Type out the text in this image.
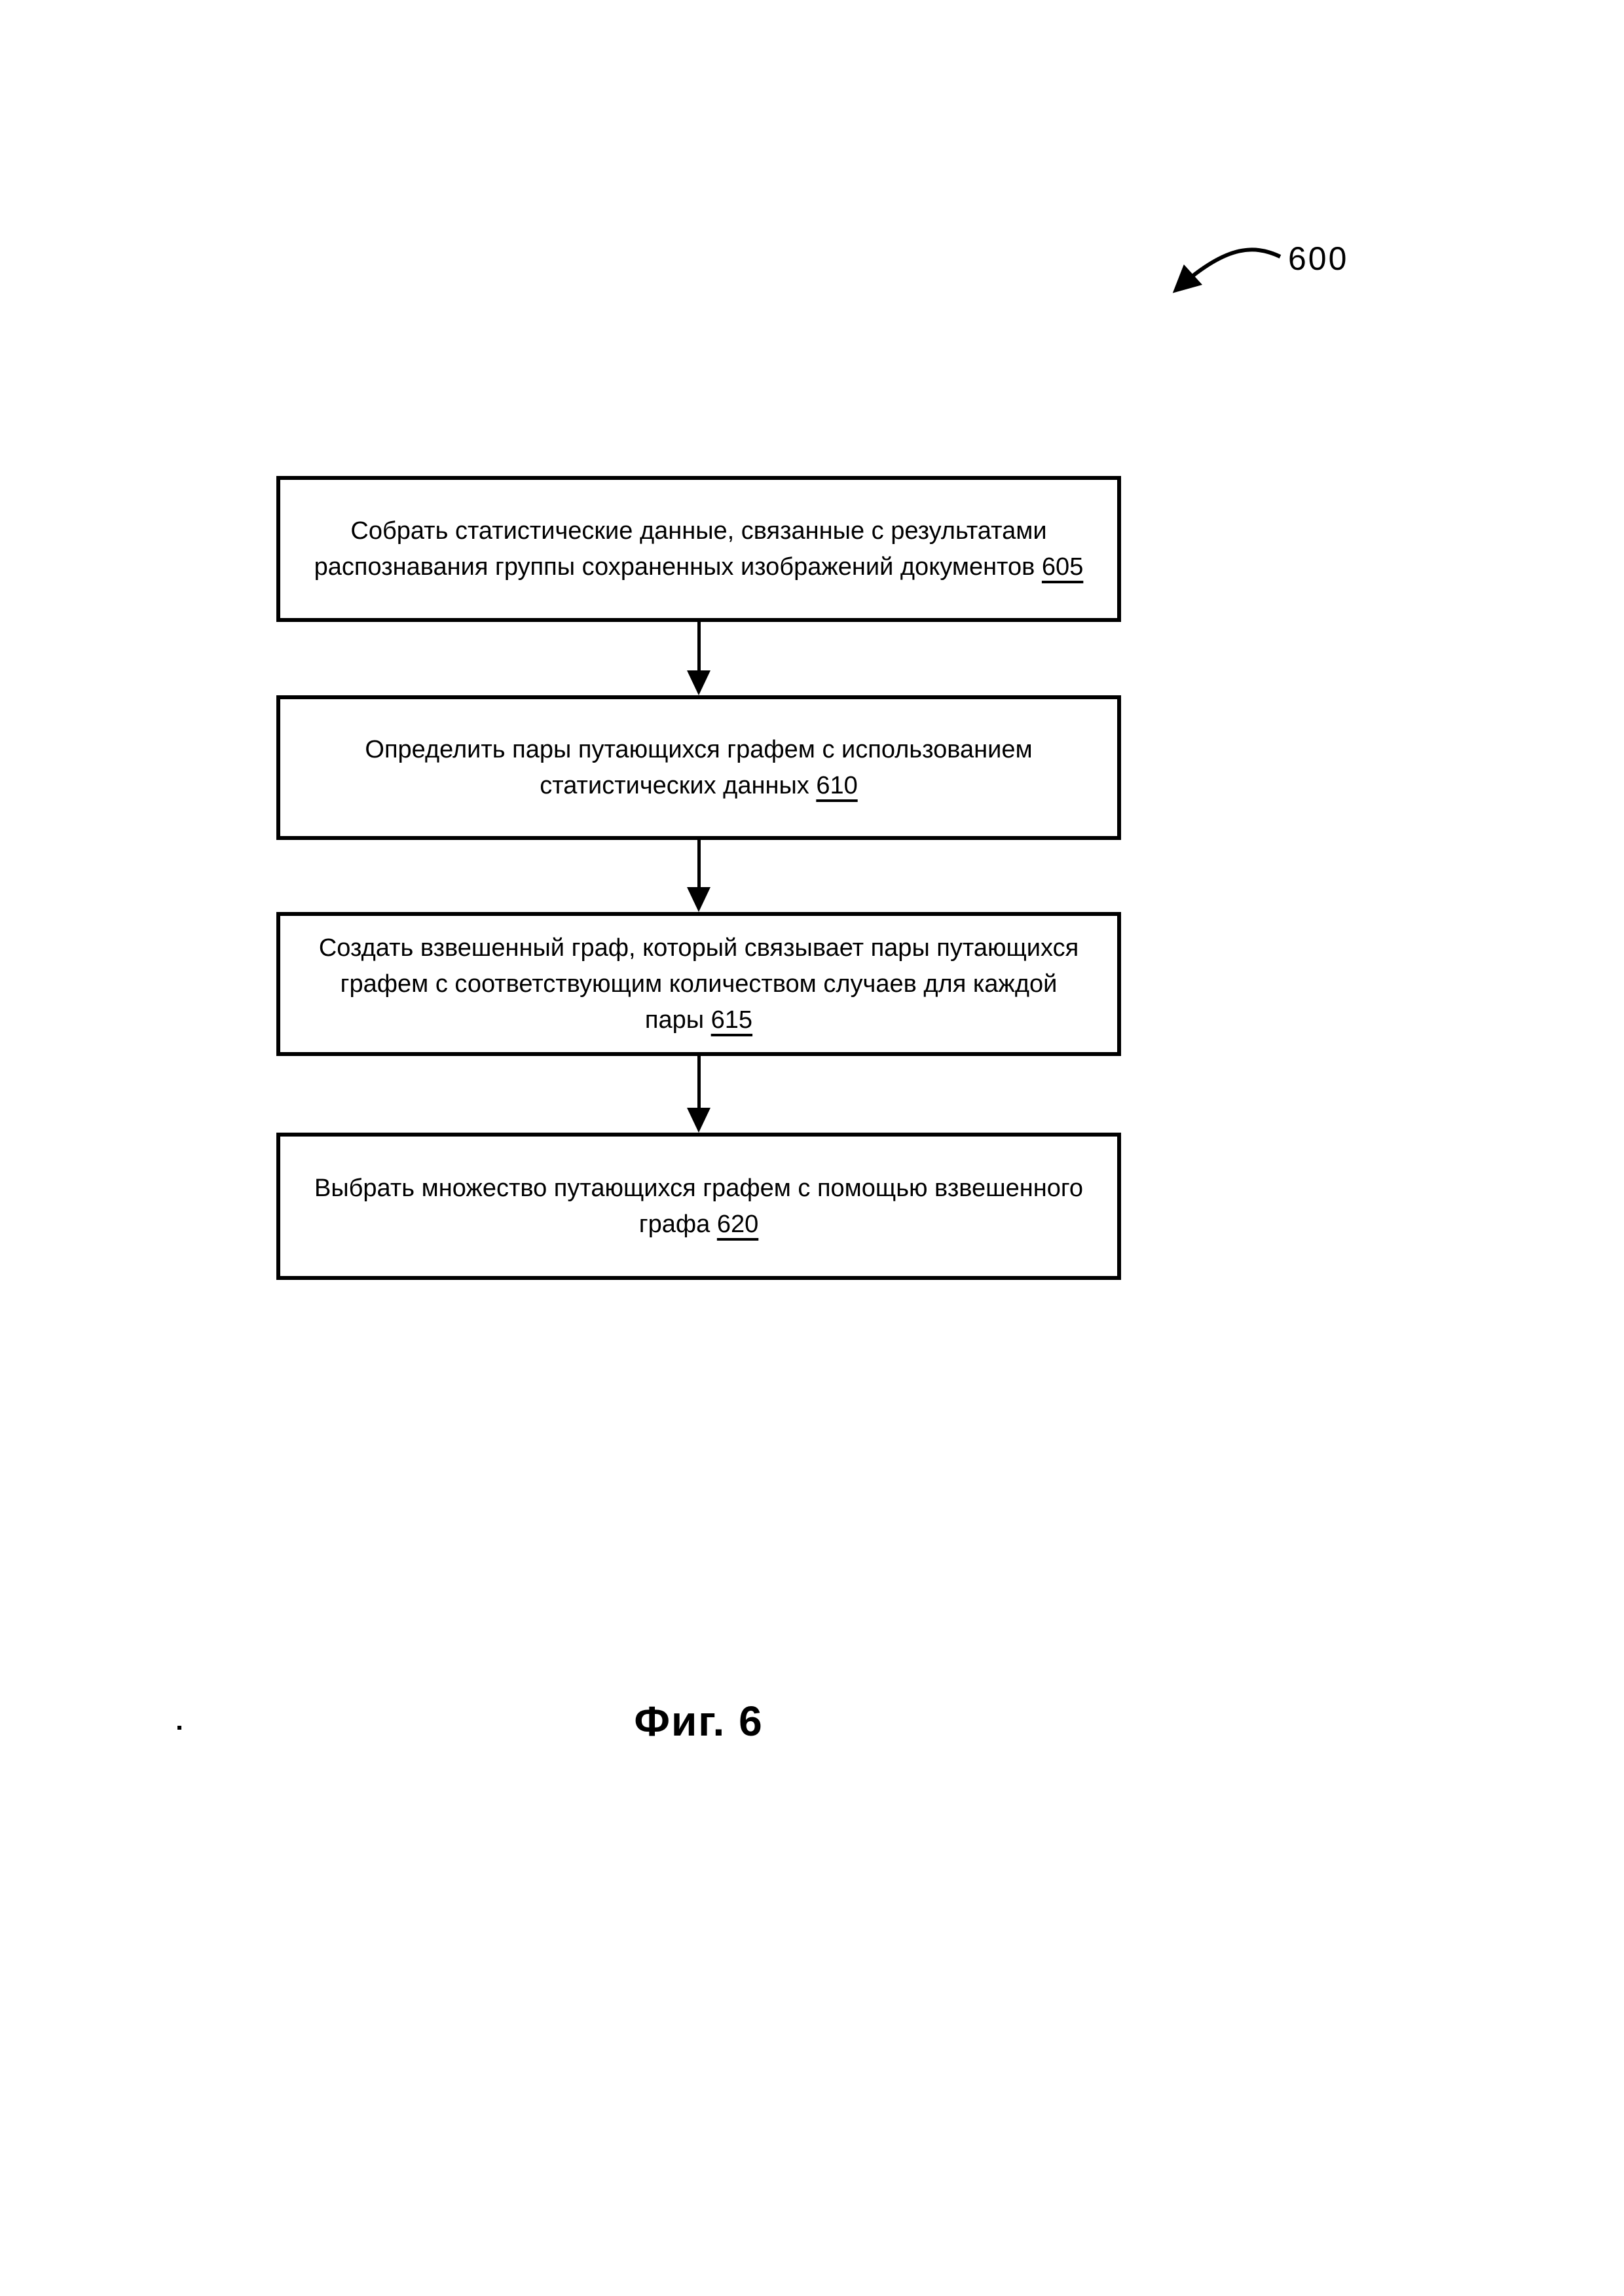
600
Собрать статистические данные, связанные с результатами
распознавания группы сохраненных изображений документов 605
Определить пары путающихся графем с использованием
статистических данных 610
Создать взвешенный граф, который связывает пары путающихся
графем с соответствующим количеством случаев для каждой
пары 615
Выбрать множество путающихся графем с помощью взвешенного
графа 620
Фиг. 6
